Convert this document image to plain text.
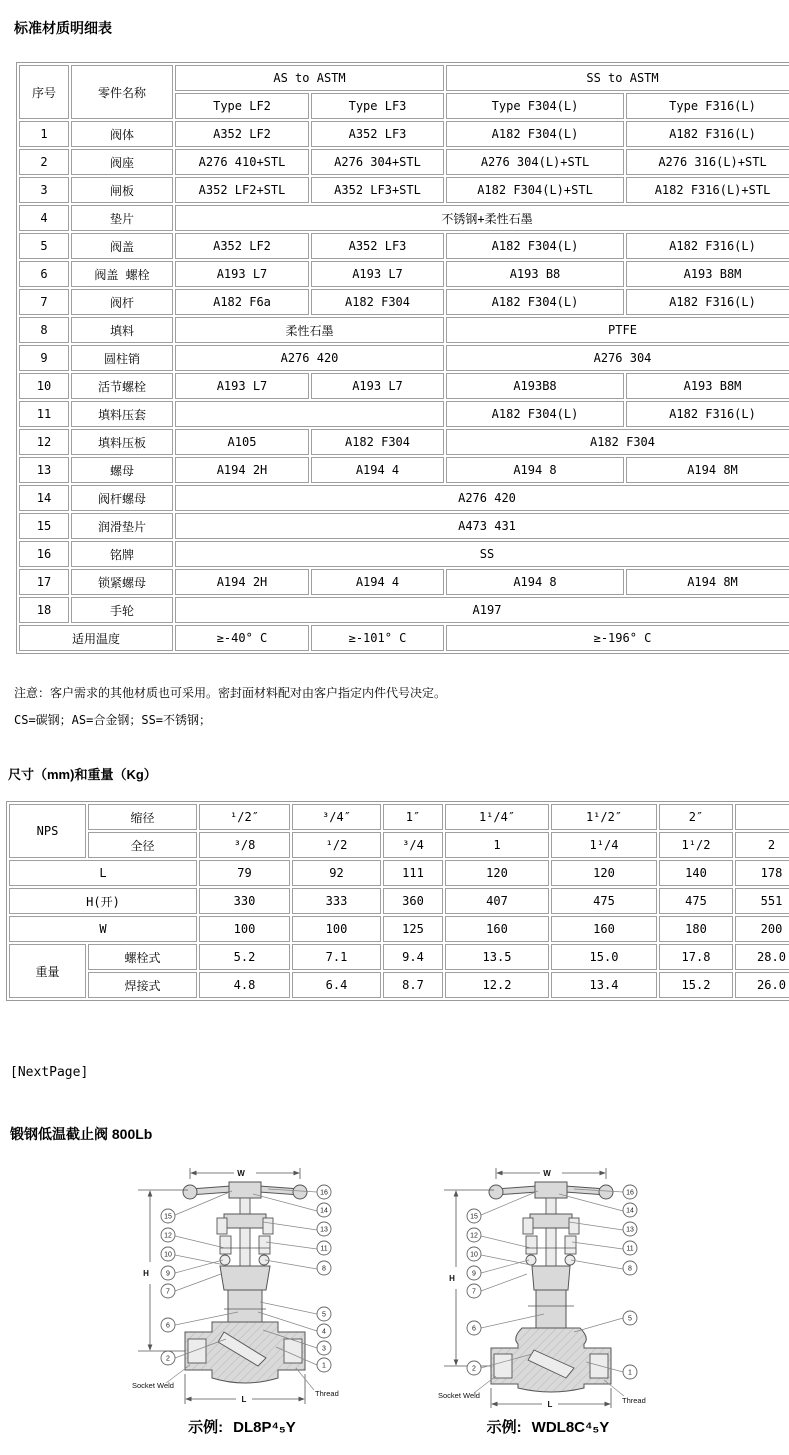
标准材质明细表
序号	零件名称	AS to ASTM		SS to ASTM	
		Type LF2	Type LF3	Type F304(L)	Type F316(L)
1	阀体	A352 LF2	A352 LF3	A182 F304(L)	A182 F316(L)
2	阀座	A276 410+STL	A276 304+STL	A276 304(L)+STL	A276 316(L)+STL
3	闸板	A352 LF2+STL	A352 LF3+STL	A182 F304(L)+STL	A182 F316(L)+STL
4	垫片	不锈钢+柔性石墨			
5	阀盖	A352 LF2	A352 LF3	A182 F304(L)	A182 F316(L)
6	阀盖 螺栓	A193 L7	A193 L7	A193 B8	A193 B8M
7	阀杆	A182 F6a	A182 F304	A182 F304(L)	A182 F316(L)
8	填料	柔性石墨		PTFE	
9	圆柱销	A276 420		A276 304	
10	活节螺栓	A193 L7	A193 L7	A193B8	A193 B8M
11	填料压套			A182 F304(L)	A182 F316(L)
12	填料压板	A105	A182 F304	A182 F304	
13	螺母	A194 2H	A194 4	A194 8	A194 8M
14	阀杆螺母	A276 420			
15	润滑垫片	A473 431			
16	铭牌	SS			
17	锁紧螺母	A194 2H	A194 4	A194 8	A194 8M
18	手轮	A197			
适用温度		≥-40° C	≥-101° C	≥-196° C	

注意：客户需求的其他材质也可采用。密封面材料配对由客户指定内件代号决定。

CS=碳钢；AS=合金钢；SS=不锈钢；

尺寸（mm)和重量（Kg）
NPS	缩径	¹/2″	³/4″	1″	1¹/4″	1¹/2″	2″	
	全径	³/8	¹/2	³/4	1	1¹/4	1¹/2	2
L		79	92	111	120	120	140	178
H(开)		330	333	360	407	475	475	551
W		100	100	125	160	160	180	200
重量	螺栓式	5.2	7.1	9.4	13.5	15.0	17.8	28.0
	焊接式	4.8	6.4	8.7	12.2	13.4	15.2	26.0
[NextPage]
锻钢低温截止阀 800Lb
W
H
L
Socket Weld
Thread
15
12
10
9
7
6
2
16
14
13
11
8
5
4
3
1
示例: DL8P⁴₅Y
W
H
L
Socket Weld
Thread
15
12
10
9
7
6
2
16
14
13
11
8
5
1
示例: WDL8C⁴₅Y
